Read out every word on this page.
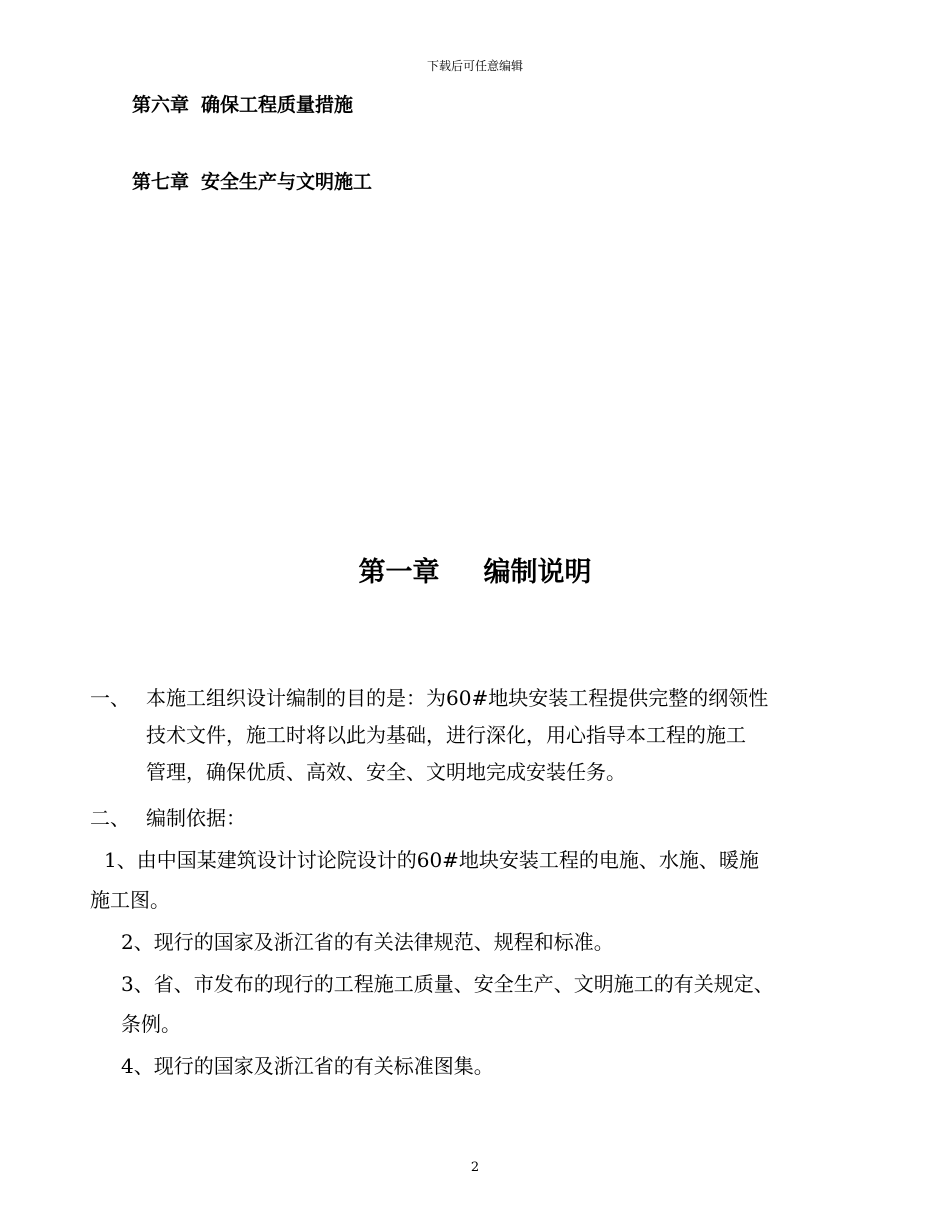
下载后可任意编辑
第六章 确保工程质量措施
第七章 安全生产与文明施工
第一章 编制说明
一、 本施工组织设计编制的目的是：为60#地块安装工程提供完整的纲领性
技术文件，施工时将以此为基础，进行深化，用心指导本工程的施工
管理，确保优质、高效、安全、文明地完成安装任务。
二、 编制依据：
1、由中国某建筑设计讨论院设计的60#地块安装工程的电施、水施、暖施
施工图。
2、现行的国家及浙江省的有关法律规范、规程和标准。
3、省、市发布的现行的工程施工质量、安全生产、文明施工的有关规定、
条例。
4、现行的国家及浙江省的有关标准图集。
2
